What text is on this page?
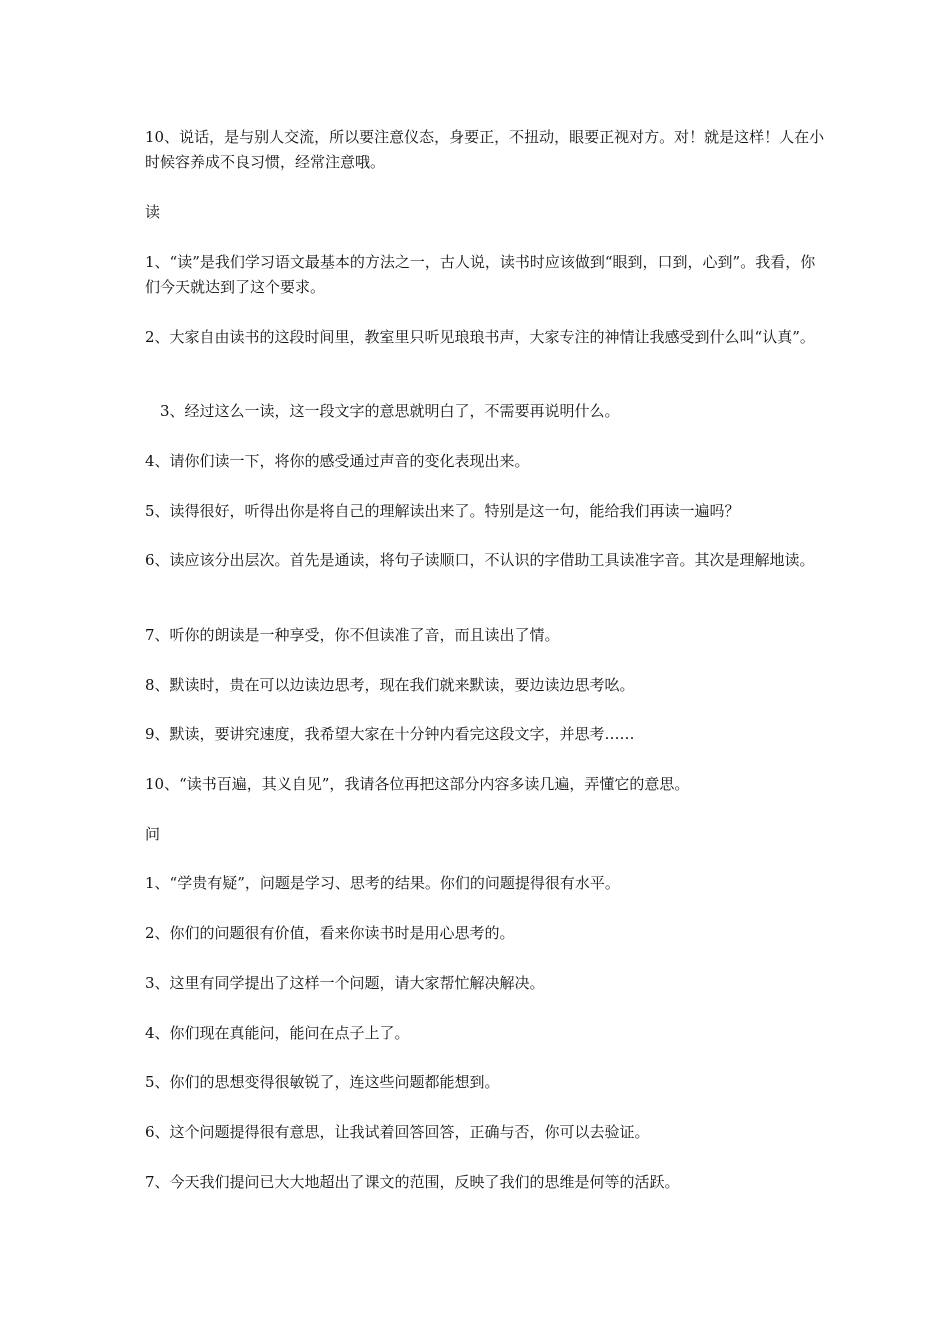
10、说话，是与别人交流，所以要注意仪态，身要正，不扭动，眼要正视对方。对！就是这样！人在小时候容养成不良习惯，经常注意哦。

读

1、“读”是我们学习语文最基本的方法之一，古人说，读书时应该做到“眼到，口到，心到”。我看，你们今天就达到了这个要求。

2、大家自由读书的这段时间里，教室里只听见琅琅书声，大家专注的神情让我感受到什么叫“认真”。

3、经过这么一读，这一段文字的意思就明白了，不需要再说明什么。

4、请你们读一下，将你的感受通过声音的变化表现出来。

5、读得很好，听得出你是将自己的理解读出来了。特别是这一句，能给我们再读一遍吗？

6、读应该分出层次。首先是通读，将句子读顺口，不认识的字借助工具读准字音。其次是理解地读。

7、听你的朗读是一种享受，你不但读准了音，而且读出了情。

8、默读时，贵在可以边读边思考，现在我们就来默读，要边读边思考吆。

9、默读，要讲究速度，我希望大家在十分钟内看完这段文字，并思考……

10、“读书百遍，其义自见”，我请各位再把这部分内容多读几遍，弄懂它的意思。

问

1、“学贵有疑”，问题是学习、思考的结果。你们的问题提得很有水平。

2、你们的问题很有价值，看来你读书时是用心思考的。

3、这里有同学提出了这样一个问题，请大家帮忙解决解决。

4、你们现在真能问，能问在点子上了。

5、你们的思想变得很敏锐了，连这些问题都能想到。

6、这个问题提得很有意思，让我试着回答回答，正确与否，你可以去验证。

7、今天我们提问已大大地超出了课文的范围，反映了我们的思维是何等的活跃。
